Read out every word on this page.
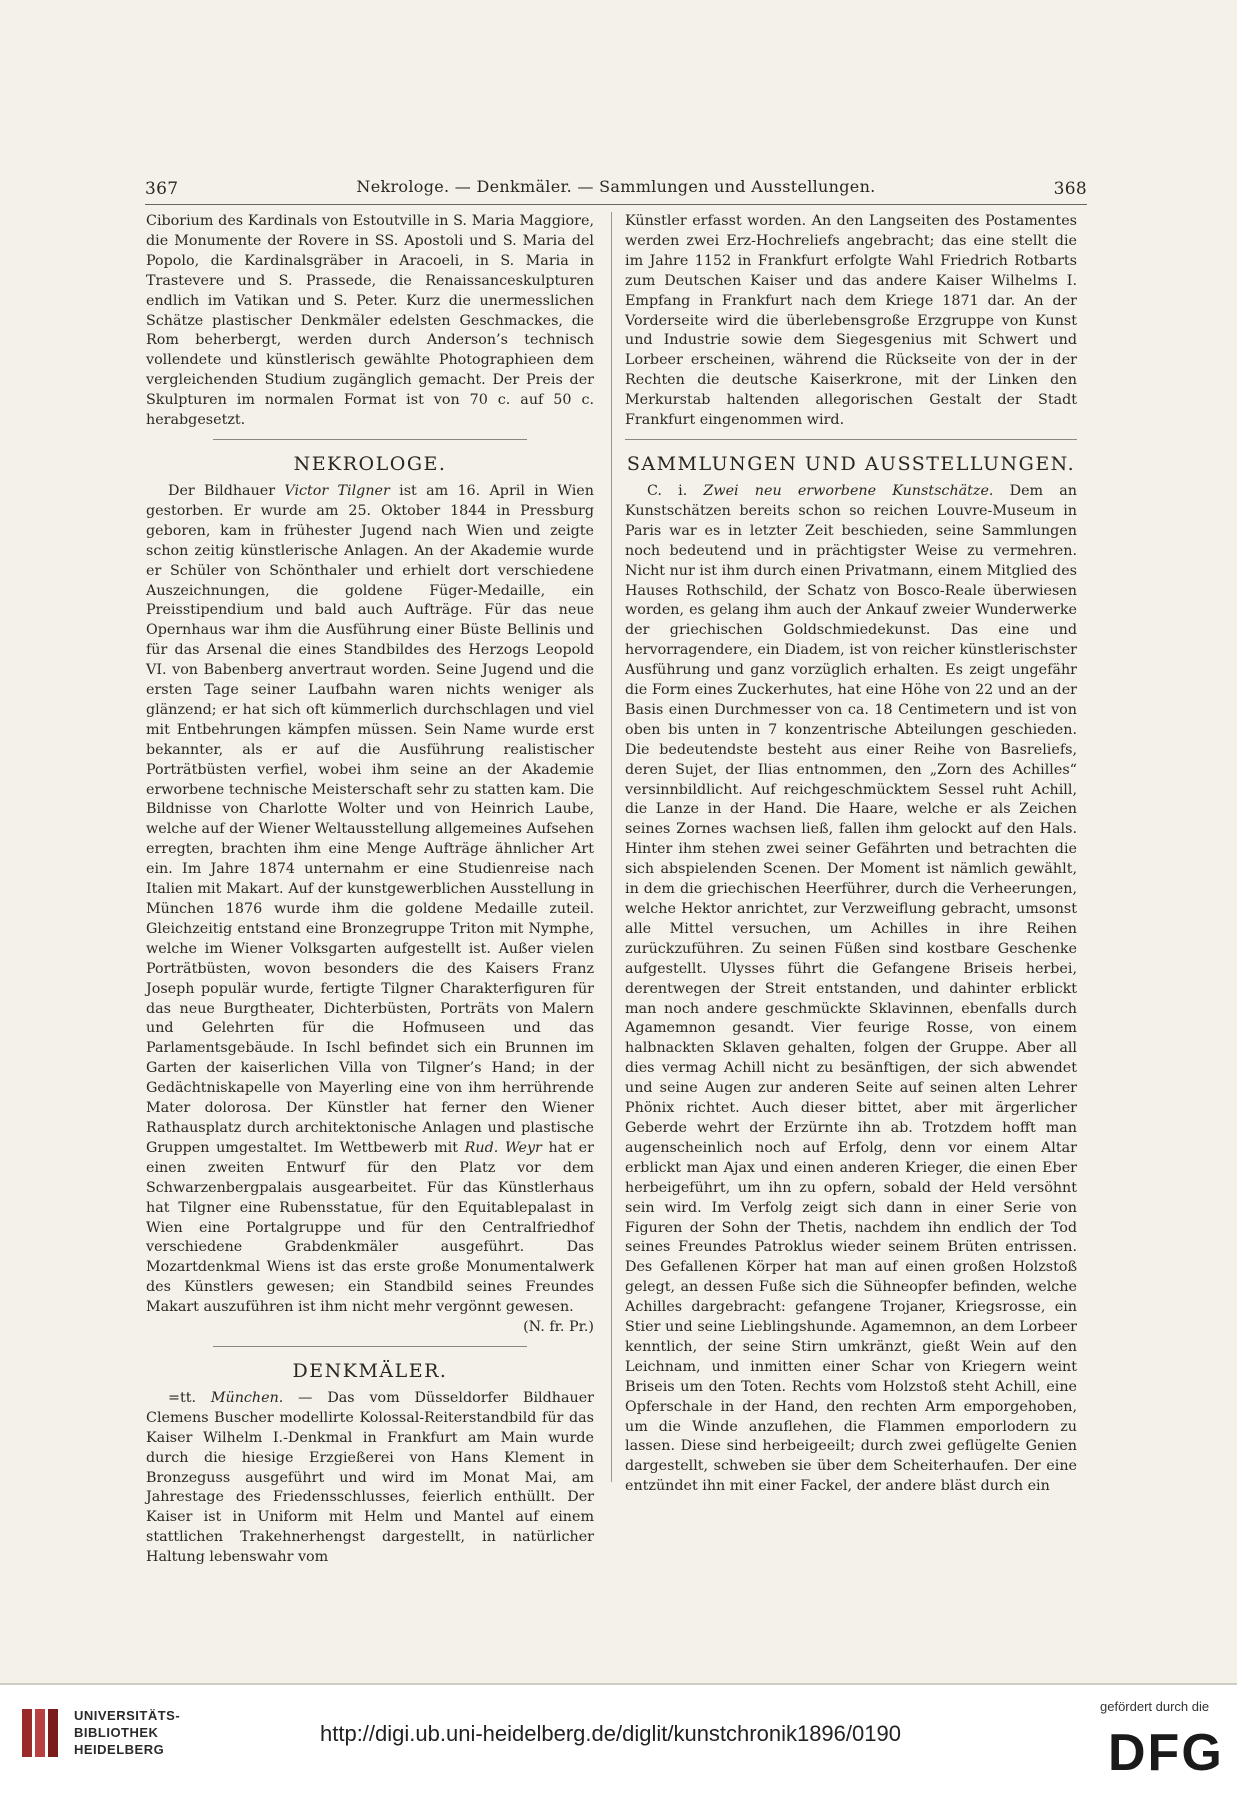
367	Nekrologe. — Denkmäler. — Sammlungen und Ausstellungen.	368

Ciborium des Kardinals von Estoutville in S. Maria Maggiore, die Monumente der Rovere in SS. Apostoli und S. Maria del Popolo, die Kardinalsgräber in Aracoeli, in S. Maria in Trastevere und S. Prassede, die Renaissanceskulpturen endlich im Vatikan und S. Peter. Kurz die unermesslichen Schätze plastischer Denkmäler edelsten Geschmackes, die Rom beherbergt, werden durch Anderson’s technisch vollendete und künstlerisch gewählte Photographieen dem vergleichenden Studium zugänglich gemacht. Der Preis der Skulpturen im normalen Format ist von 70 c. auf 50 c. herabgesetzt.

NEKROLOGE.

Der Bildhauer Victor Tilgner ist am 16. April in Wien gestorben. Er wurde am 25. Oktober 1844 in Pressburg geboren, kam in frühester Jugend nach Wien und zeigte schon zeitig künstlerische Anlagen. An der Akademie wurde er Schüler von Schönthaler und erhielt dort verschiedene Auszeichnungen, die goldene Füger-Medaille, ein Preisstipendium und bald auch Aufträge. Für das neue Opernhaus war ihm die Ausführung einer Büste Bellinis und für das Arsenal die eines Standbildes des Herzogs Leopold VI. von Babenberg anvertraut worden. Seine Jugend und die ersten Tage seiner Laufbahn waren nichts weniger als glänzend; er hat sich oft kümmerlich durchschlagen und viel mit Entbehrungen kämpfen müssen. Sein Name wurde erst bekannter, als er auf die Ausführung realistischer Porträtbüsten verfiel, wobei ihm seine an der Akademie erworbene technische Meisterschaft sehr zu statten kam. Die Bildnisse von Charlotte Wolter und von Heinrich Laube, welche auf der Wiener Weltausstellung allgemeines Aufsehen erregten, brachten ihm eine Menge Aufträge ähnlicher Art ein. Im Jahre 1874 unternahm er eine Studienreise nach Italien mit Makart. Auf der kunstgewerblichen Ausstellung in München 1876 wurde ihm die goldene Medaille zuteil. Gleichzeitig entstand eine Bronzegruppe Triton mit Nymphe, welche im Wiener Volksgarten aufgestellt ist. Außer vielen Porträtbüsten, wovon besonders die des Kaisers Franz Joseph populär wurde, fertigte Tilgner Charakterfiguren für das neue Burgtheater, Dichterbüsten, Porträts von Malern und Gelehrten für die Hofmuseen und das Parlamentsgebäude. In Ischl befindet sich ein Brunnen im Garten der kaiserlichen Villa von Tilgner’s Hand; in der Gedächtniskapelle von Mayerling eine von ihm herrührende Mater dolorosa. Der Künstler hat ferner den Wiener Rathausplatz durch architektonische Anlagen und plastische Gruppen umgestaltet. Im Wettbewerb mit Rud. Weyr hat er einen zweiten Entwurf für den Platz vor dem Schwarzenbergpalais ausgearbeitet. Für das Künstlerhaus hat Tilgner eine Rubensstatue, für den Equitablepalast in Wien eine Portalgruppe und für den Centralfriedhof verschiedene Grabdenkmäler ausgeführt. Das Mozartdenkmal Wiens ist das erste große Monumentalwerk des Künstlers gewesen; ein Standbild seines Freundes Makart auszuführen ist ihm nicht mehr vergönnt gewesen.

(N. fr. Pr.)
DENKMÄLER.

=tt. München. — Das vom Düsseldorfer Bildhauer Clemens Buscher modellirte Kolossal-Reiterstandbild für das Kaiser Wilhelm I.-Denkmal in Frankfurt am Main wurde durch die hiesige Erzgießerei von Hans Klement in Bronzeguss ausgeführt und wird im Monat Mai, am Jahrestage des Friedensschlusses, feierlich enthüllt. Der Kaiser ist in Uniform mit Helm und Mantel auf einem stattlichen Trakehnerhengst dargestellt, in natürlicher Haltung lebenswahr vom

Künstler erfasst worden. An den Langseiten des Postamentes werden zwei Erz-Hochreliefs angebracht; das eine stellt die im Jahre 1152 in Frankfurt erfolgte Wahl Friedrich Rotbarts zum Deutschen Kaiser und das andere Kaiser Wilhelms I. Empfang in Frankfurt nach dem Kriege 1871 dar. An der Vorderseite wird die überlebensgroße Erzgruppe von Kunst und Industrie sowie dem Siegesgenius mit Schwert und Lorbeer erscheinen, während die Rückseite von der in der Rechten die deutsche Kaiserkrone, mit der Linken den Merkurstab haltenden allegorischen Gestalt der Stadt Frankfurt eingenommen wird.

SAMMLUNGEN UND AUSSTELLUNGEN.

C. i. Zwei neu erworbene Kunstschätze. Dem an Kunstschätzen bereits schon so reichen Louvre-Museum in Paris war es in letzter Zeit beschieden, seine Sammlungen noch bedeutend und in prächtigster Weise zu vermehren. Nicht nur ist ihm durch einen Privatmann, einem Mitglied des Hauses Rothschild, der Schatz von Bosco-Reale überwiesen worden, es gelang ihm auch der Ankauf zweier Wunderwerke der griechischen Goldschmiedekunst. Das eine und hervorragendere, ein Diadem, ist von reicher künstlerischster Ausführung und ganz vorzüglich erhalten. Es zeigt ungefähr die Form eines Zuckerhutes, hat eine Höhe von 22 und an der Basis einen Durchmesser von ca. 18 Centimetern und ist von oben bis unten in 7 konzentrische Abteilungen geschieden. Die bedeutendste besteht aus einer Reihe von Basreliefs, deren Sujet, der Ilias entnommen, den „Zorn des Achilles“ versinnbildlicht. Auf reichgeschmücktem Sessel ruht Achill, die Lanze in der Hand. Die Haare, welche er als Zeichen seines Zornes wachsen ließ, fallen ihm gelockt auf den Hals. Hinter ihm stehen zwei seiner Gefährten und betrachten die sich abspielenden Scenen. Der Moment ist nämlich gewählt, in dem die griechischen Heerführer, durch die Verheerungen, welche Hektor anrichtet, zur Verzweiflung gebracht, umsonst alle Mittel versuchen, um Achilles in ihre Reihen zurückzuführen. Zu seinen Füßen sind kostbare Geschenke aufgestellt. Ulysses führt die Gefangene Briseis herbei, derentwegen der Streit entstanden, und dahinter erblickt man noch andere geschmückte Sklavinnen, ebenfalls durch Agamemnon gesandt. Vier feurige Rosse, von einem halbnackten Sklaven gehalten, folgen der Gruppe. Aber all dies vermag Achill nicht zu besänftigen, der sich abwendet und seine Augen zur anderen Seite auf seinen alten Lehrer Phönix richtet. Auch dieser bittet, aber mit ärgerlicher Geberde wehrt der Erzürnte ihn ab. Trotzdem hofft man augenscheinlich noch auf Erfolg, denn vor einem Altar erblickt man Ajax und einen anderen Krieger, die einen Eber herbeigeführt, um ihn zu opfern, sobald der Held versöhnt sein wird. Im Verfolg zeigt sich dann in einer Serie von Figuren der Sohn der Thetis, nachdem ihn endlich der Tod seines Freundes Patroklus wieder seinem Brüten entrissen. Des Gefallenen Körper hat man auf einen großen Holzstoß gelegt, an dessen Fuße sich die Sühneopfer befinden, welche Achilles dargebracht: gefangene Trojaner, Kriegsrosse, ein Stier und seine Lieblingshunde. Agamemnon, an dem Lorbeer kenntlich, der seine Stirn umkränzt, gießt Wein auf den Leichnam, und inmitten einer Schar von Kriegern weint Briseis um den Toten. Rechts vom Holzstoß steht Achill, eine Opferschale in der Hand, den rechten Arm emporgehoben, um die Winde anzuflehen, die Flammen emporlodern zu lassen. Diese sind herbeigeeilt; durch zwei geflügelte Genien dargestellt, schweben sie über dem Scheiterhaufen. Der eine entzündet ihn mit einer Fackel, der andere bläst durch ein

UNIVERSITÄTS-
BIBLIOTHEK
HEIDELBERG
http://digi.ub.uni-heidelberg.de/diglit/kunstchronik1896/0190
gefördert durch die
DFG
